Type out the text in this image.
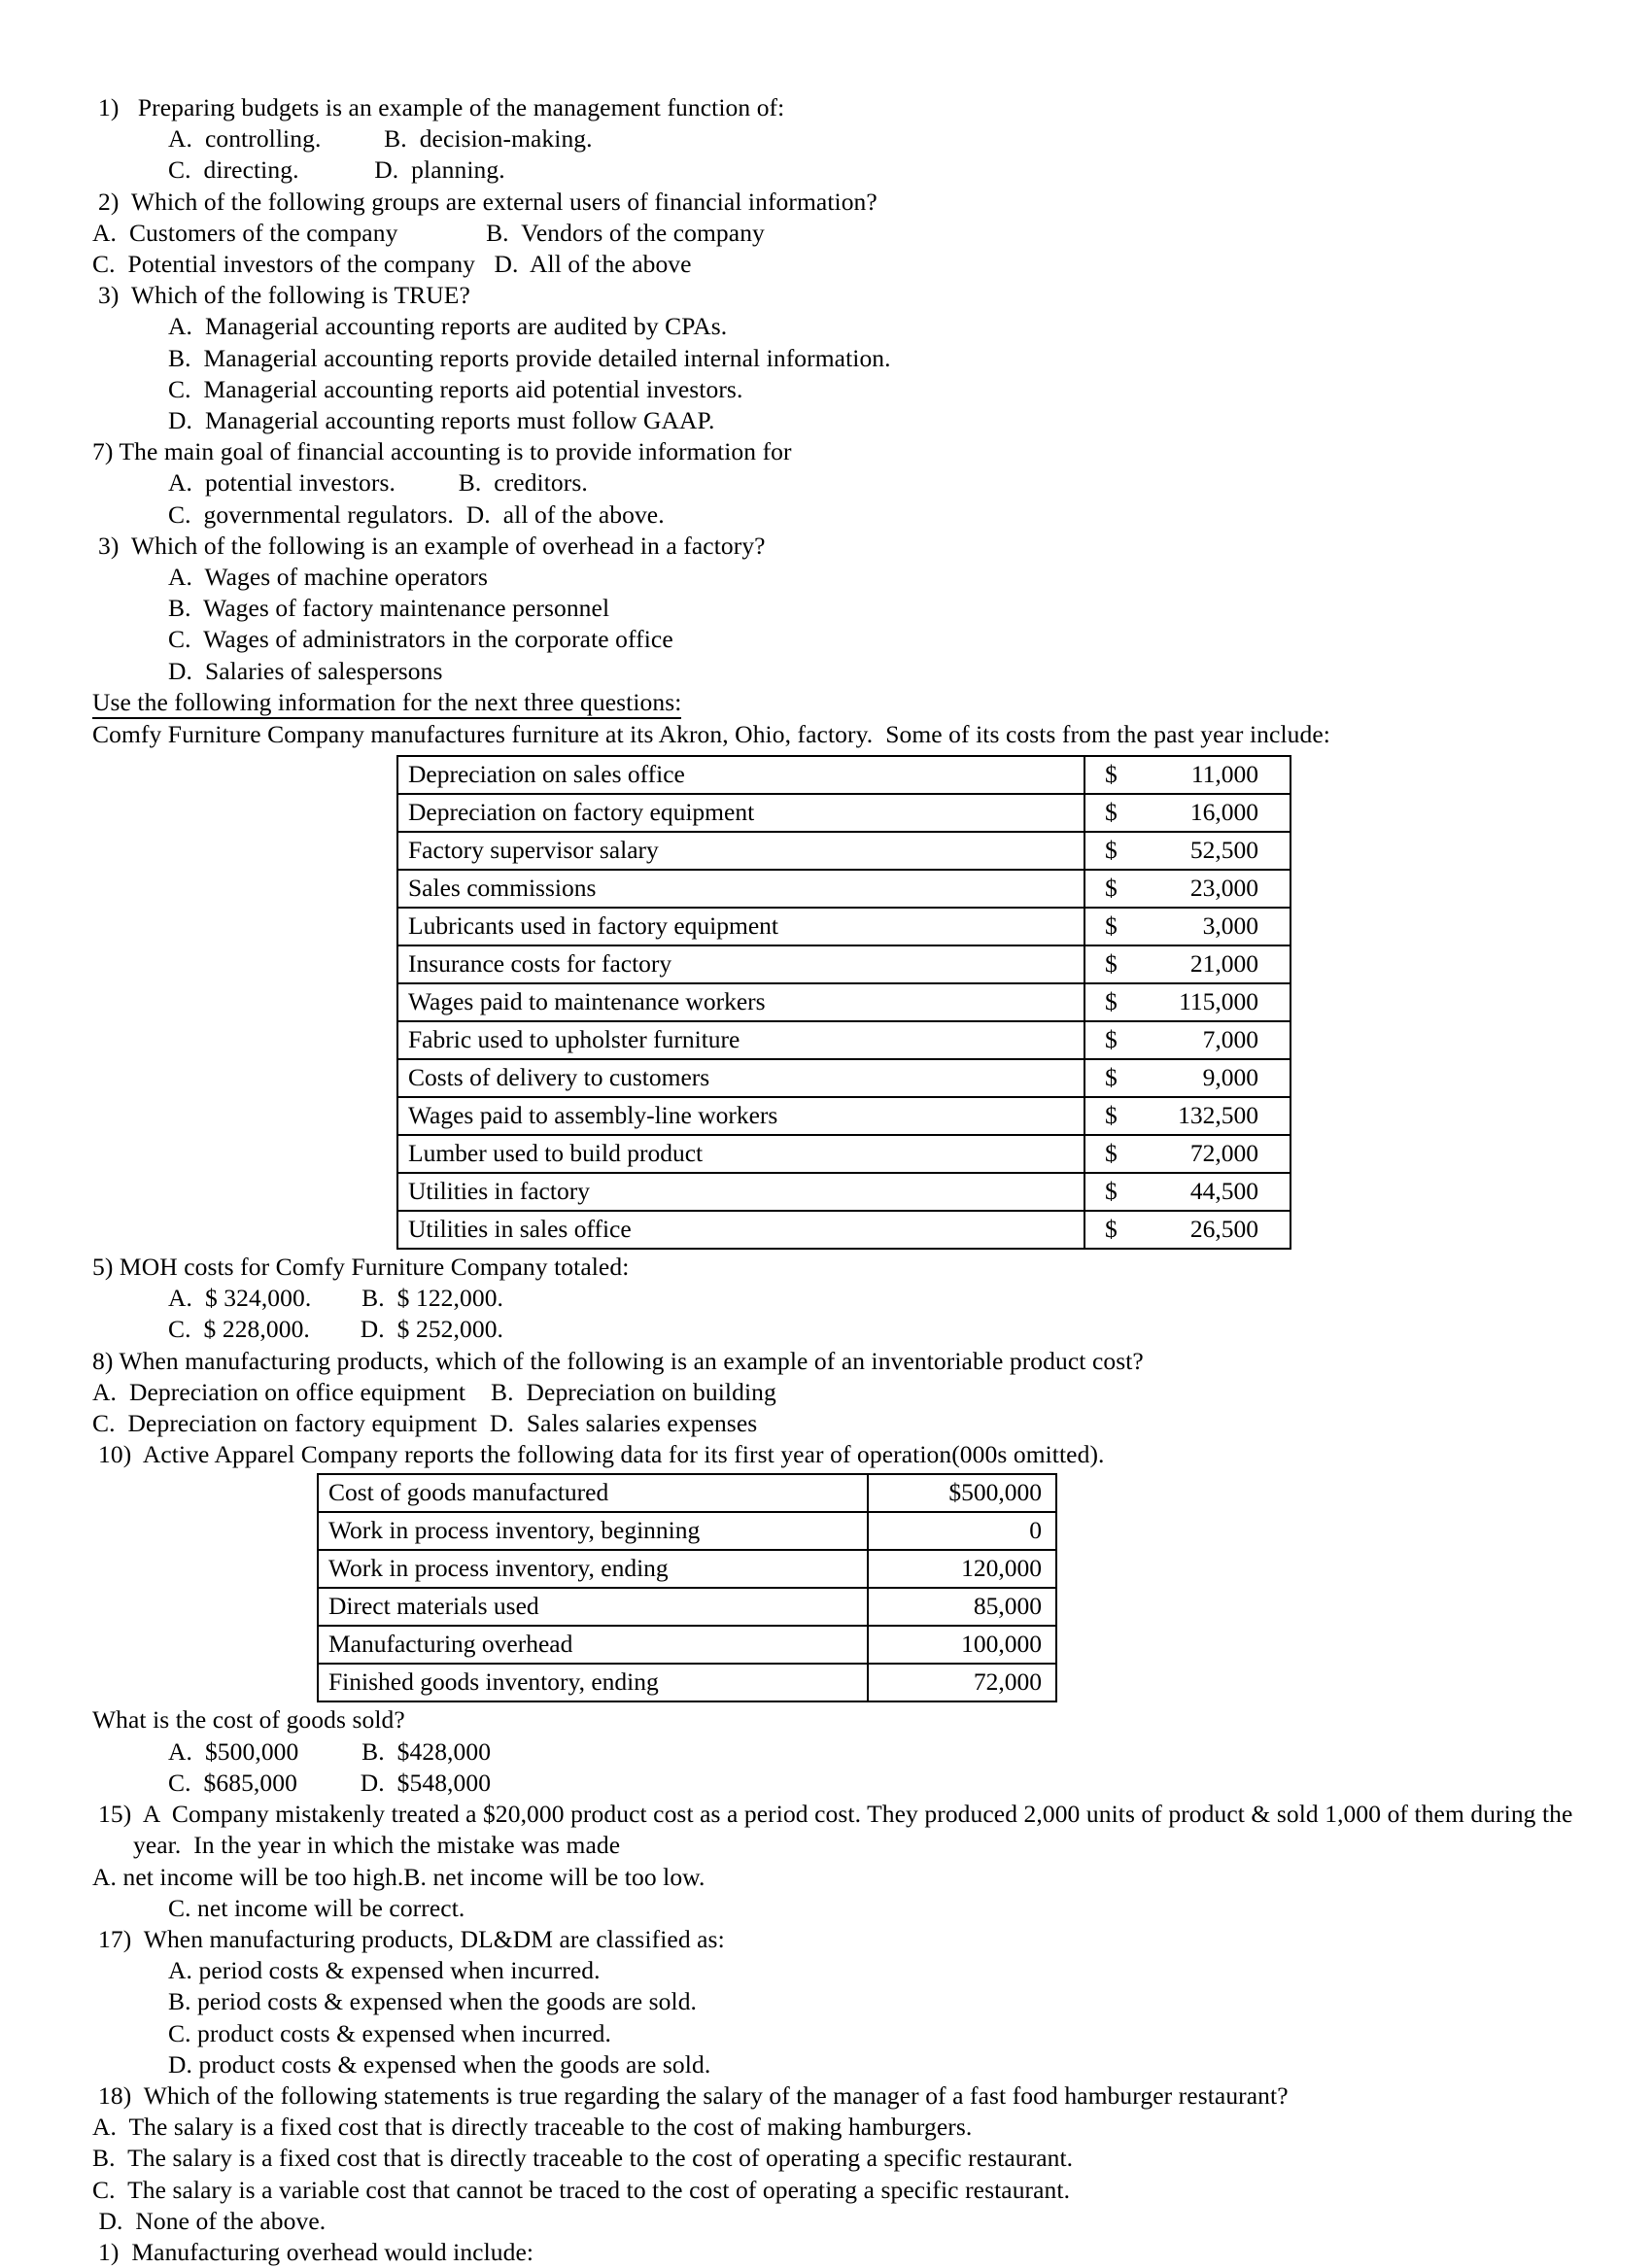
1)   Preparing budgets is an example of the management function of:
A.  controlling.          B.  decision-making.
C.  directing.            D.  planning.
2)  Which of the following groups are external users of financial information?
A.  Customers of the company              B.  Vendors of the company
C.  Potential investors of the company   D.  All of the above
3)  Which of the following is TRUE?
A.  Managerial accounting reports are audited by CPAs.
B.  Managerial accounting reports provide detailed internal information.
C.  Managerial accounting reports aid potential investors.
D.  Managerial accounting reports must follow GAAP.
7) The main goal of financial accounting is to provide information for
A.  potential investors.          B.  creditors.
C.  governmental regulators.  D.  all of the above.
3)  Which of the following is an example of overhead in a factory?
A.  Wages of machine operators
B.  Wages of factory maintenance personnel
C.  Wages of administrators in the corporate office
D.  Salaries of salespersons
Use the following information for the next three questions:
Comfy Furniture Company manufactures furniture at its Akron, Ohio, factory.  Some of its costs from the past year include:
Depreciation on sales office	$ 11,000

Depreciation on factory equipment	$ 16,000

Factory supervisor salary	$ 52,500

Sales commissions	$ 23,000

Lubricants used in factory equipment	$ 3,000

Insurance costs for factory	$ 21,000

Wages paid to maintenance workers	$ 115,000

Fabric used to upholster furniture	$ 7,000

Costs of delivery to customers	$ 9,000

Wages paid to assembly-line workers	$ 132,500

Lumber used to build product	$ 72,000

Utilities in factory	$ 44,500

Utilities in sales office	$ 26,500
5) MOH costs for Comfy Furniture Company totaled:
A.  $ 324,000.        B.  $ 122,000.
C.  $ 228,000.        D.  $ 252,000.
8) When manufacturing products, which of the following is an example of an inventoriable product cost?
A.  Depreciation on office equipment    B.  Depreciation on building
C.  Depreciation on factory equipment  D.  Sales salaries expenses
10)  Active Apparel Company reports the following data for its first year of operation(000s omitted).
Cost of goods manufactured	$500,000
Work in process inventory, beginning	0
Work in process inventory, ending	120,000
Direct materials used	85,000
Manufacturing overhead	100,000
Finished goods inventory, ending	72,000
What is the cost of goods sold?
A.  $500,000          B.  $428,000
C.  $685,000          D.  $548,000
15)  A  Company mistakenly treated a $20,000 product cost as a period cost. They produced 2,000 units of product & sold 1,000 of them during the
year.  In the year in which the mistake was made
A. net income will be too high.B. net income will be too low.
C. net income will be correct.
17)  When manufacturing products, DL&DM are classified as:
A. period costs & expensed when incurred.
B. period costs & expensed when the goods are sold.
C. product costs & expensed when incurred.
D. product costs & expensed when the goods are sold.
18)  Which of the following statements is true regarding the salary of the manager of a fast food hamburger restaurant?
A.  The salary is a fixed cost that is directly traceable to the cost of making hamburgers.
B.  The salary is a fixed cost that is directly traceable to the cost of operating a specific restaurant.
C.  The salary is a variable cost that cannot be traced to the cost of operating a specific restaurant.
D.  None of the above.
1)  Manufacturing overhead would include:
